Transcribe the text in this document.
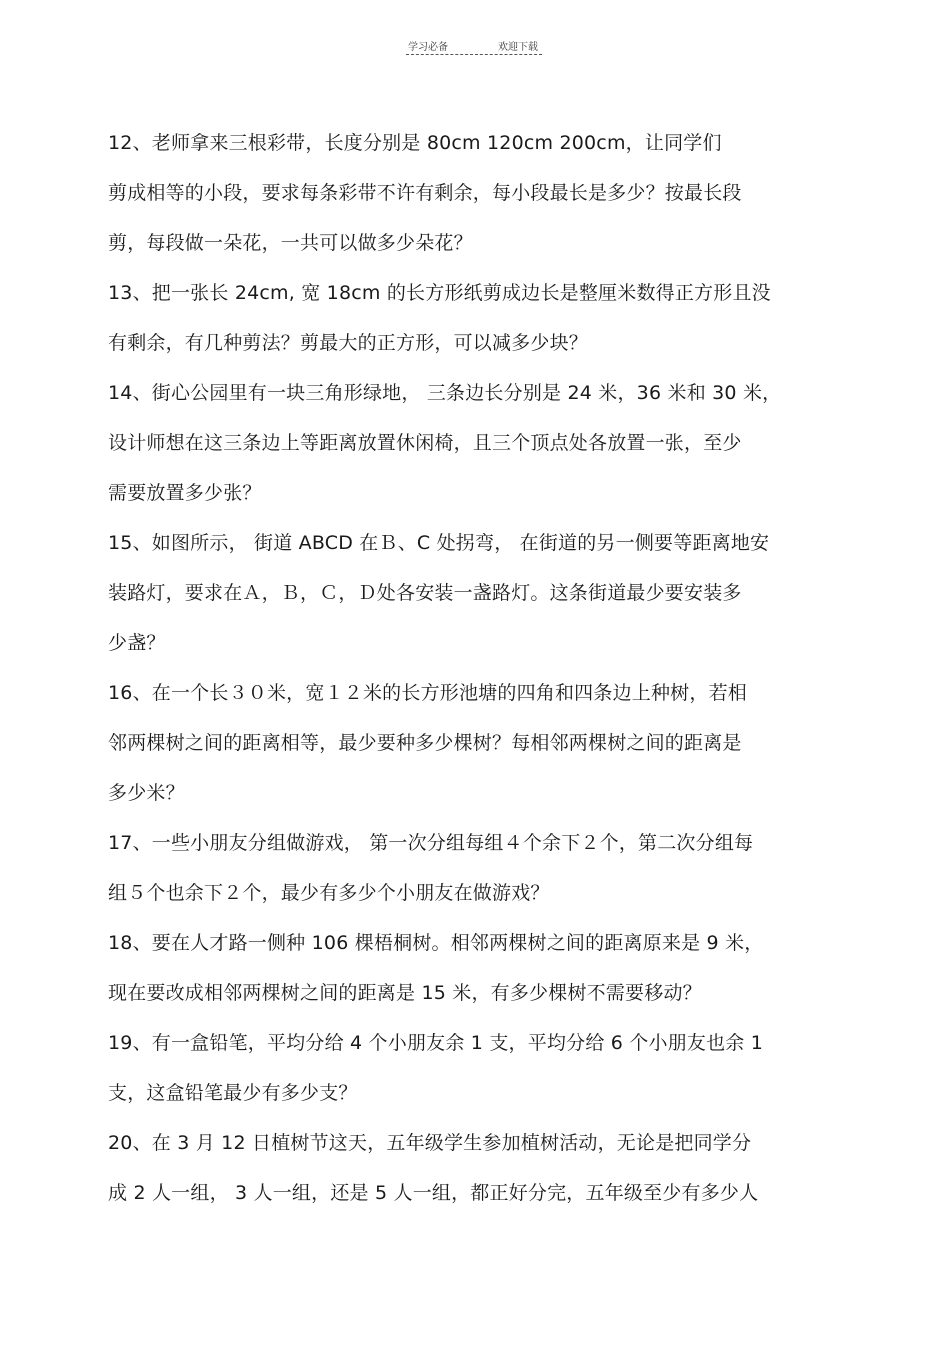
学习必备	欢迎下载
12、老师拿来三根彩带，长度分别是 80cm 120cm 200cm，让同学们
剪成相等的小段，要求每条彩带不许有剩余，每小段最长是多少？按最长段
剪，每段做一朵花，一共可以做多少朵花？
13、把一张长 24cm, 宽 18cm 的长方形纸剪成边长是整厘米数得正方形且没
有剩余，有几种剪法？剪最大的正方形，可以减多少块？
14、街心公园里有一块三角形绿地， 三条边长分别是 24 米，36 米和 30 米，
设计师想在这三条边上等距离放置休闲椅，且三个顶点处各放置一张，至少
需要放置多少张？
15、如图所示， 街道 ABCD 在Ｂ、C 处拐弯， 在街道的另一侧要等距离地安
装路灯，要求在Ａ，Ｂ，Ｃ，Ｄ处各安装一盏路灯。这条街道最少要安装多
少盏？
16、在一个长３０米，宽１２米的长方形池塘的四角和四条边上种树，若相
邻两棵树之间的距离相等，最少要种多少棵树？每相邻两棵树之间的距离是
多少米？
17、一些小朋友分组做游戏， 第一次分组每组４个余下２个，第二次分组每
组５个也余下２个，最少有多少个小朋友在做游戏？
18、要在人才路一侧种 106 棵梧桐树。相邻两棵树之间的距离原来是 9 米，
现在要改成相邻两棵树之间的距离是 15 米，有多少棵树不需要移动？
19、有一盒铅笔，平均分给 4 个小朋友余 1 支，平均分给 6 个小朋友也余 1
支，这盒铅笔最少有多少支？
20、在 3 月 12 日植树节这天，五年级学生参加植树活动，无论是把同学分
成 2 人一组， 3 人一组，还是 5 人一组，都正好分完，五年级至少有多少人
